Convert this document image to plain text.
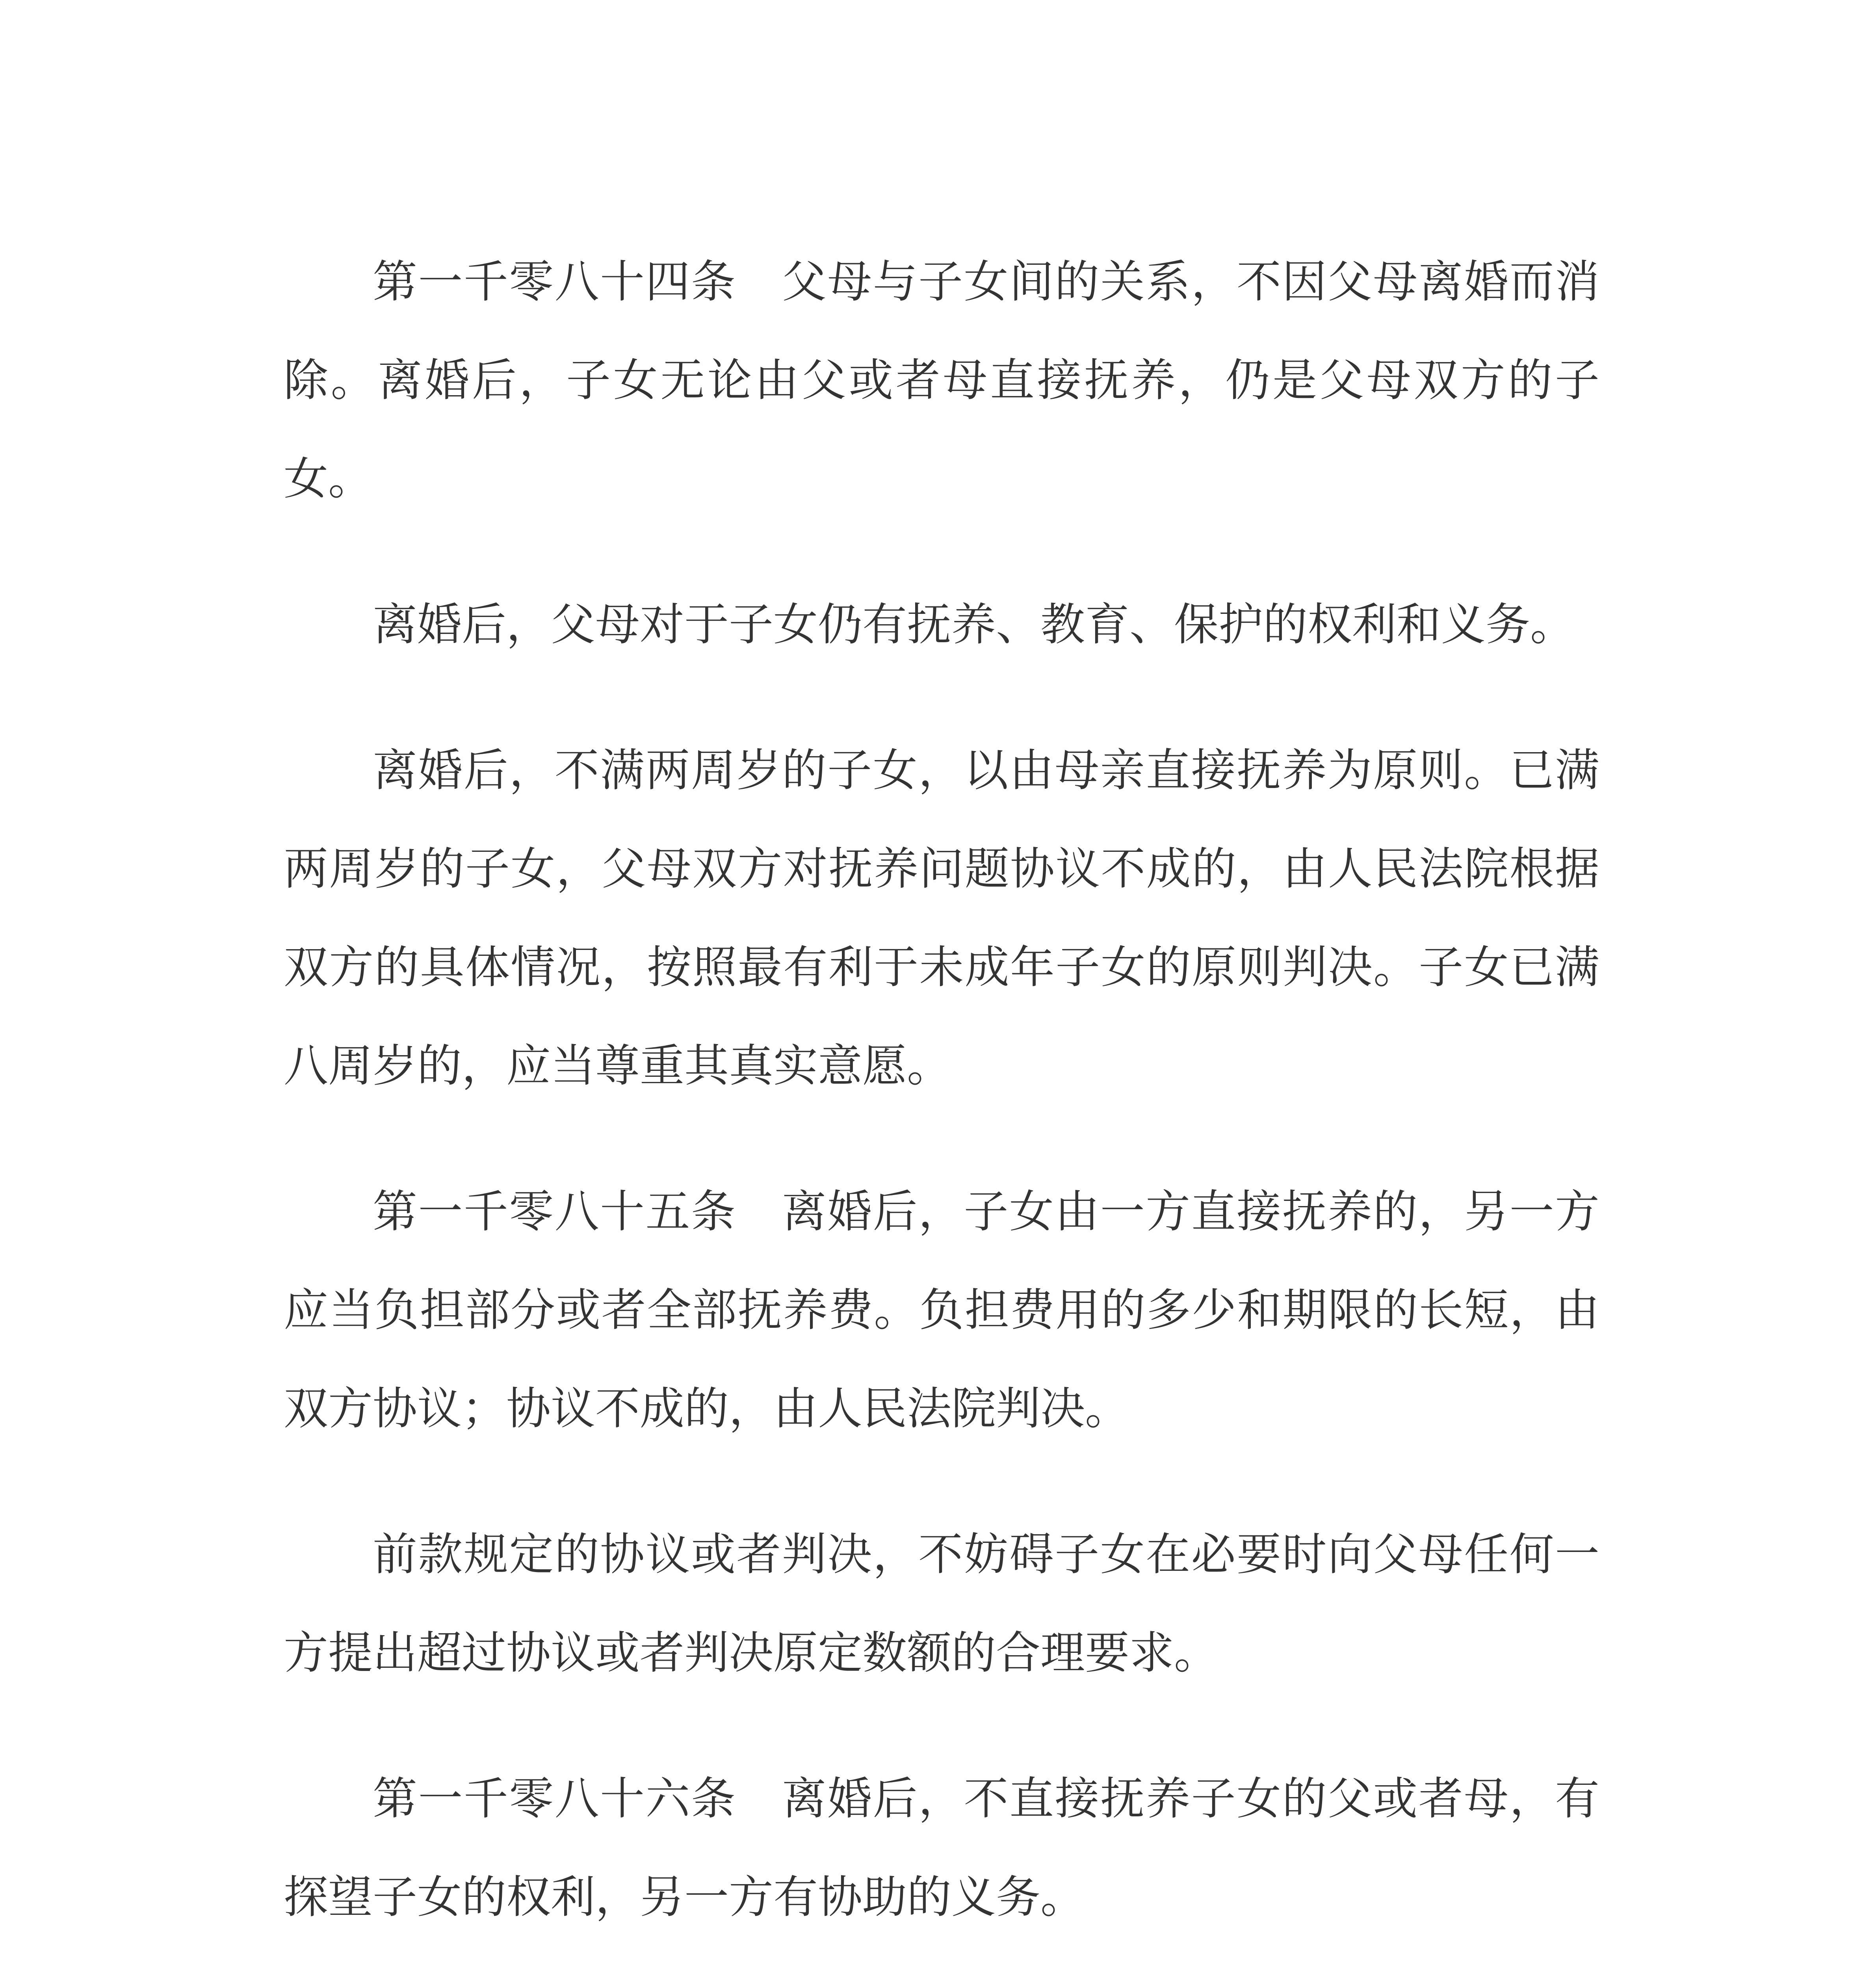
第一千零八十四条　父母与子女间的关系，不因父母离婚而消除。离婚后，子女无论由父或者母直接抚养，仍是父母双方的子女。

离婚后，父母对于子女仍有抚养、教育、保护的权利和义务。

离婚后，不满两周岁的子女，以由母亲直接抚养为原则。已满两周岁的子女，父母双方对抚养问题协议不成的，由人民法院根据双方的具体情况，按照最有利于未成年子女的原则判决。子女已满八周岁的，应当尊重其真实意愿。

第一千零八十五条　离婚后，子女由一方直接抚养的，另一方应当负担部分或者全部抚养费。负担费用的多少和期限的长短，由双方协议；协议不成的，由人民法院判决。

前款规定的协议或者判决，不妨碍子女在必要时向父母任何一方提出超过协议或者判决原定数额的合理要求。

第一千零八十六条　离婚后，不直接抚养子女的父或者母，有探望子女的权利，另一方有协助的义务。
